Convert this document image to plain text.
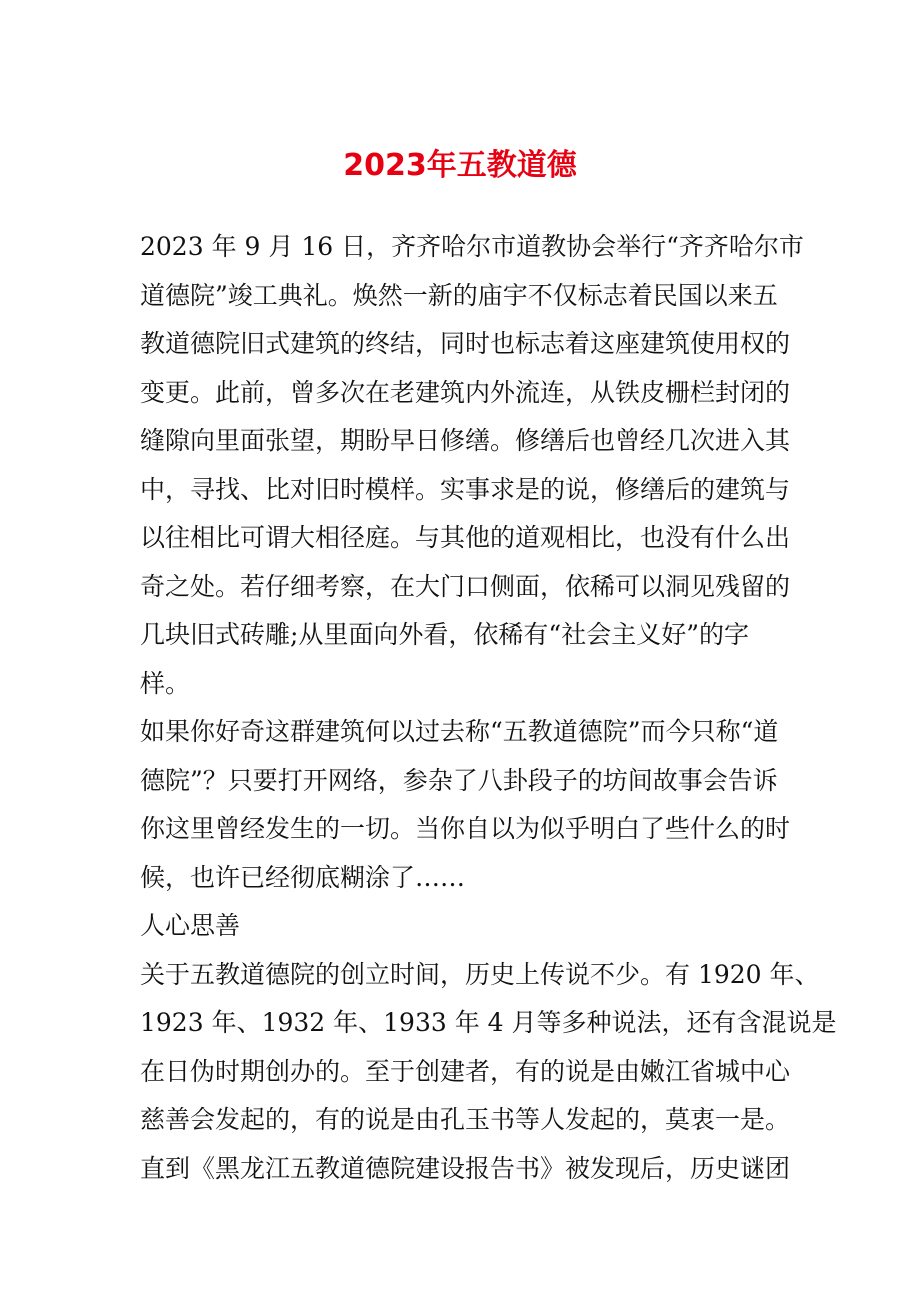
2023年五教道德
2023 年 9 月 16 日，齐齐哈尔市道教协会举行“齐齐哈尔市
道德院”竣工典礼。焕然一新的庙宇不仅标志着民国以来五
教道德院旧式建筑的终结，同时也标志着这座建筑使用权的
变更。此前，曾多次在老建筑内外流连，从铁皮栅栏封闭的
缝隙向里面张望，期盼早日修缮。修缮后也曾经几次进入其
中，寻找、比对旧时模样。实事求是的说，修缮后的建筑与
以往相比可谓大相径庭。与其他的道观相比，也没有什么出
奇之处。若仔细考察，在大门口侧面，依稀可以洞见残留的
几块旧式砖雕;从里面向外看，依稀有“社会主义好”的字
样。
如果你好奇这群建筑何以过去称“五教道德院”而今只称“道
德院”？只要打开网络，参杂了八卦段子的坊间故事会告诉
你这里曾经发生的一切。当你自以为似乎明白了些什么的时
候，也许已经彻底糊涂了……
人心思善
关于五教道德院的创立时间，历史上传说不少。有 1920 年、
1923 年、1932 年、1933 年 4 月等多种说法，还有含混说是
在日伪时期创办的。至于创建者，有的说是由嫩江省城中心
慈善会发起的，有的说是由孔玉书等人发起的，莫衷一是。
直到《黑龙江五教道德院建设报告书》被发现后，历史谜团
